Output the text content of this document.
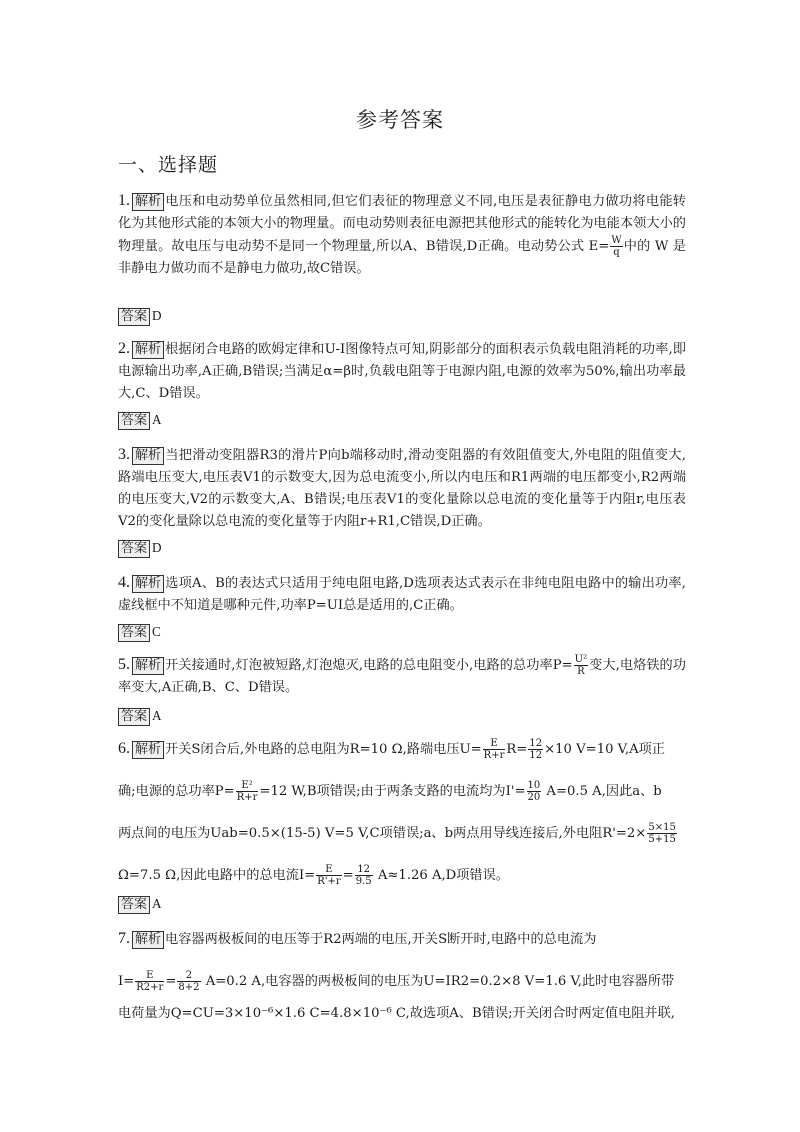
参考答案
一、选择题
1. 解析 电压和电动势单位虽然相同,但它们表征的物理意义不同,电压是表征静电力做功将电能转化为其他形式能的本领大小的物理量。而电动势则表征电源把其他形式的能转化为电能本领大小的物理量。故电压与电动势不是同一个物理量,所以A、B错误,D正确。电动势公式 $E= \frac{W}{q}$ 中的 W 是非静电力做功而不是静电力做功,故C错误。
答案 D
2. 解析 根据闭合电路的欧姆定律和U-I图像特点可知,阴影部分的面积表示负载电阻消耗的功率,即电源输出功率,A正确,B错误;当满足α=β时,负载电阻等于电源内阻,电源的效率为50%,输出功率最大,C、D错误。
答案 A
3. 解析 当把滑动变阻器R3的滑片P向b端移动时,滑动变阻器的有效阻值变大,外电阻的阻值变大,路端电压变大,电压表V1的示数变大,因为总电流变小,所以内电压和R1两端的电压都变小,R2两端的电压变大,V2的示数变大,A、B错误;电压表V1的变化量除以总电流的变化量等于内阻r,电压表V2的变化量除以总电流的变化量等于内阻r+R1,C错误,D正确。
答案 D
4. 解析 选项A、B的表达式只适用于纯电阻电路,D选项表达式表示在非纯电阻电路中的输出功率,虚线框中不知道是哪种元件,功率P=UI总是适用的,C正确。
答案 C
5. 解析 开关接通时,灯泡被短路,灯泡熄灭,电路的总电阻变小,电路的总功率$P= \frac{\text{U²}}{R}$ 变大,电烙铁的功率变大,A正确,B、C、D错误。
答案 A
6. 解析 开关S闭合后,外电路的总电阻为R=10 Ω,路端电压$U= \frac{E}{R+r} R= \frac{12}{12} \times 10$ V=10 V,A项正
确;电源的总功率$P= \frac{\text{E²}}{R+r} =12$ W,B项错误;由于两条支路的电流均为$I'= \frac{10}{20} A=0.5$ A,因此a、b
两点间的电压为Uab=0.5×(15-5) V=5 V,C项错误;a、b两点用导线连接后,外电阻$R'=2\times \frac{5\times 15}{5+15}$
Ω=7.5 Ω,因此电路中的总电流$I= \frac{E}{R'+r} = \frac{12}{9.5} A\approx 1.26$ A,D项错误。
答案 A
7. 解析 电容器两极板间的电压等于R2两端的电压,开关S断开时,电路中的总电流为
$I= \frac{E}{R2+r} = \frac{2}{8+2} A=0.2$ A,电容器的两极板间的电压为U=IR2=0.2×8 V=1.6 V,此时电容器所带
电荷量为Q=CU=3×10⁻⁶×1.6 C=4.8×10⁻⁶ C,故选项A、B错误;开关闭合时两定值电阻并联,
